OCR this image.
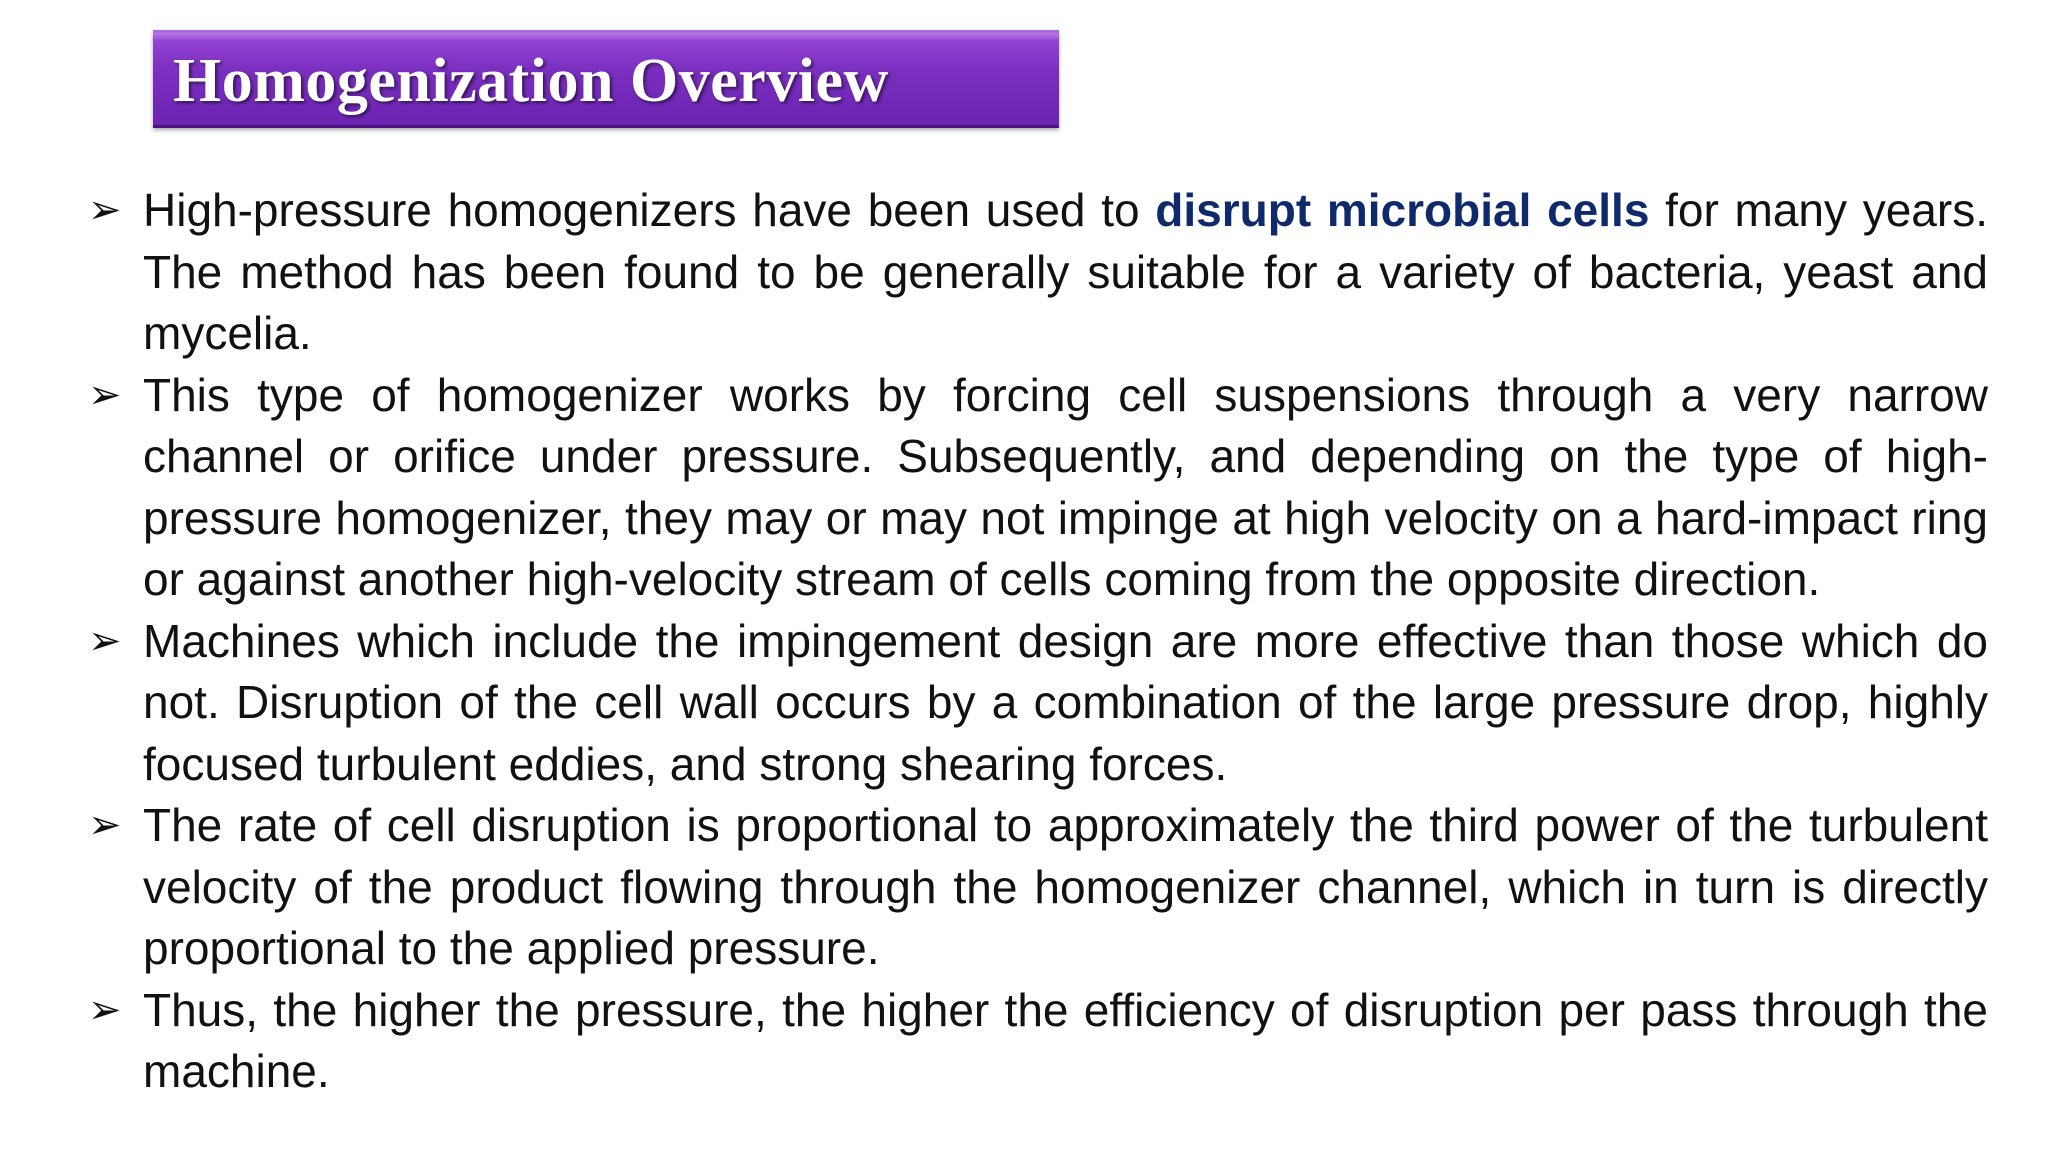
Homogenization Overview
➢ High-pressure homogenizers have been used to disrupt microbial cells for many years. The method has been found to be generally suitable for a variety of bacteria, yeast and mycelia.
➢ This type of homogenizer works by forcing cell suspensions through a very narrow channel or orifice under pressure. Subsequently, and depending on the type of high-pressure homogenizer, they may or may not impinge at high velocity on a hard-impact ring or against another high-velocity stream of cells coming from the opposite direction.
➢ Machines which include the impingement design are more effective than those which do not. Disruption of the cell wall occurs by a combination of the large pressure drop, highly focused turbulent eddies, and strong shearing forces.
➢ The rate of cell disruption is proportional to approximately the third power of the turbulent velocity of the product flowing through the homogenizer channel, which in turn is directly proportional to the applied pressure.
➢ Thus, the higher the pressure, the higher the efficiency of disruption per pass through the machine.
